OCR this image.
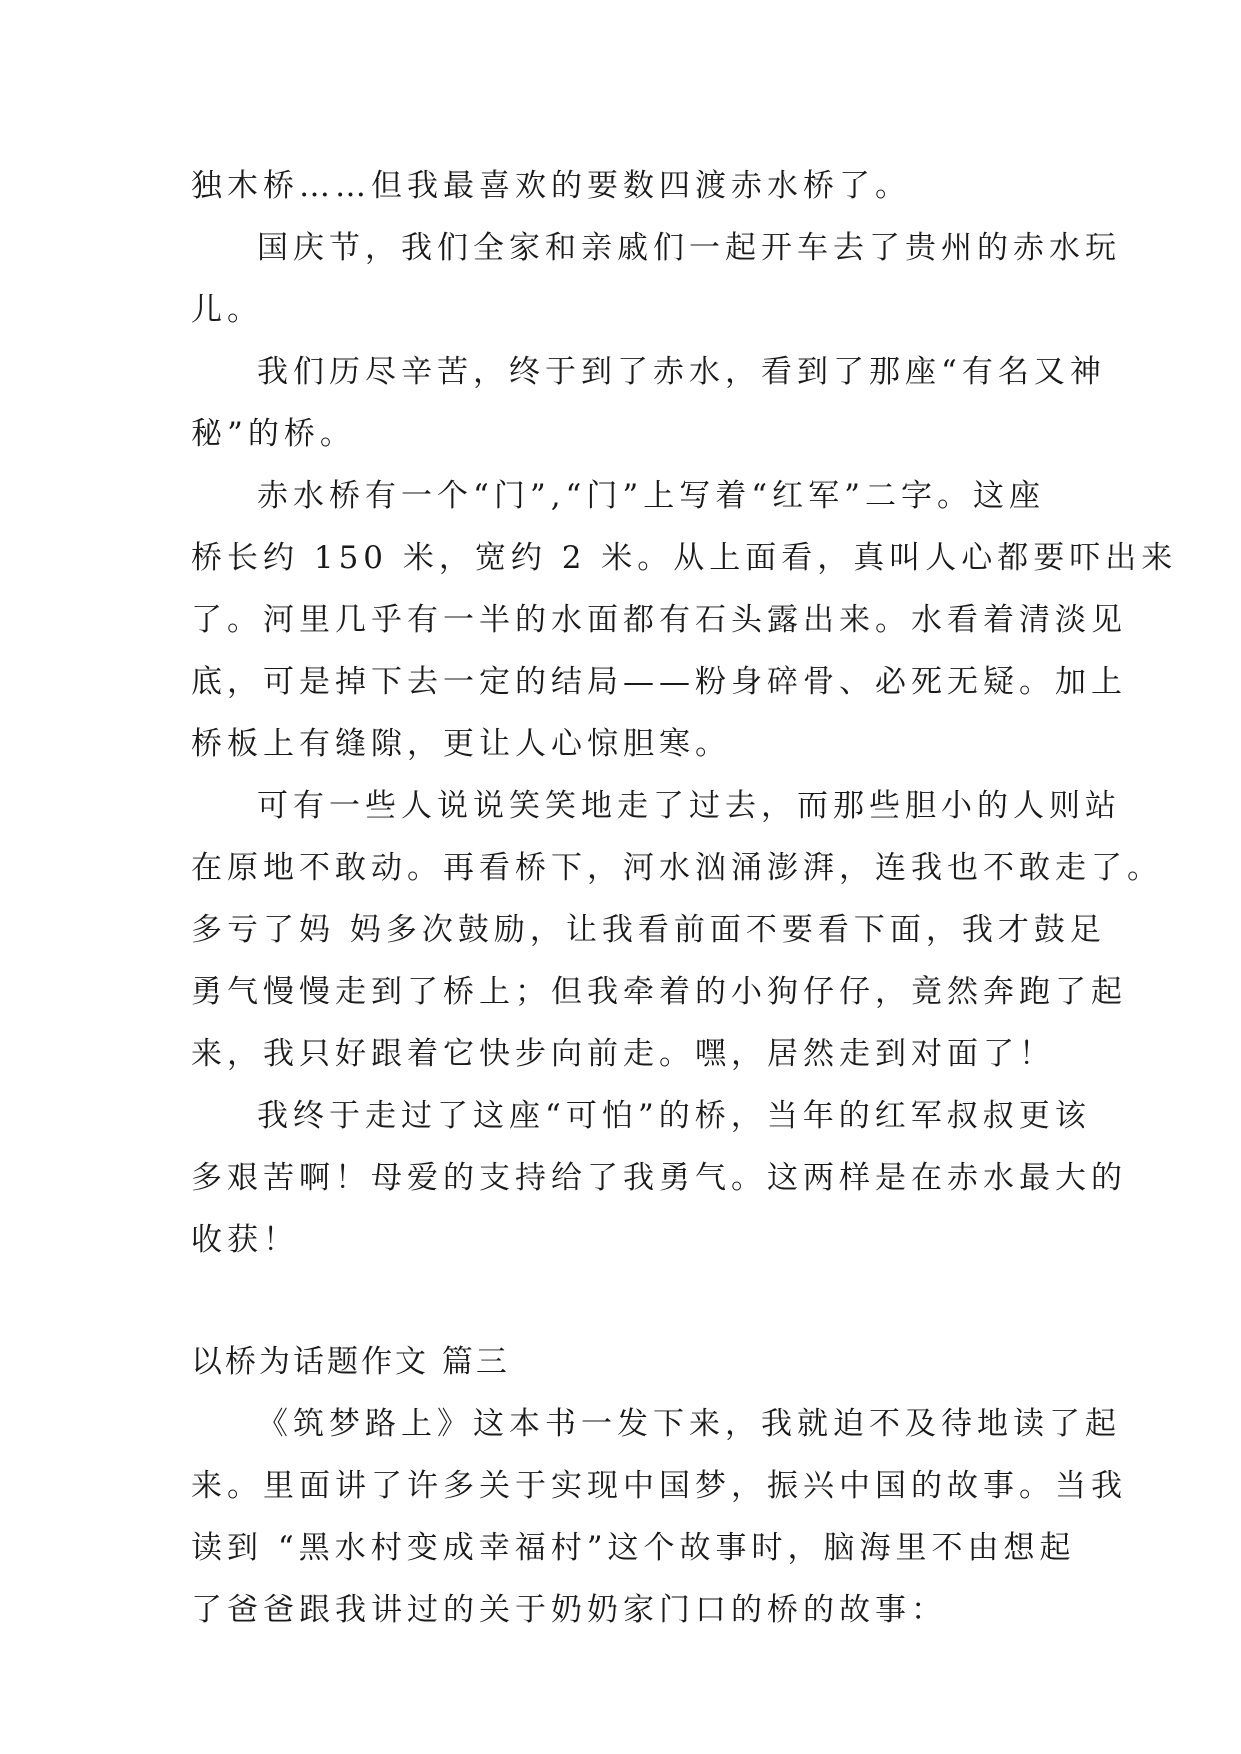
独木桥……但我最喜欢的要数四渡赤水桥了。
国庆节，我们全家和亲戚们一起开车去了贵州的赤水玩
儿。
我们历尽辛苦，终于到了赤水，看到了那座“有名又神
秘”的桥。
赤水桥有一个“门”,“门”上写着“红军”二字。这座
桥长约 150 米，宽约 2 米。从上面看，真叫人心都要吓出来
了。河里几乎有一半的水面都有石头露出来。水看着清淡见
底，可是掉下去一定的结局——粉身碎骨、必死无疑。加上
桥板上有缝隙，更让人心惊胆寒。
可有一些人说说笑笑地走了过去，而那些胆小的人则站
在原地不敢动。再看桥下，河水汹涌澎湃，连我也不敢走了。
多亏了妈 妈多次鼓励，让我看前面不要看下面，我才鼓足
勇气慢慢走到了桥上；但我牵着的小狗仔仔，竟然奔跑了起
来，我只好跟着它快步向前走。嘿，居然走到对面了！
我终于走过了这座“可怕”的桥，当年的红军叔叔更该
多艰苦啊！母爱的支持给了我勇气。这两样是在赤水最大的
收获！
以桥为话题作文 篇三
《筑梦路上》这本书一发下来，我就迫不及待地读了起
来。里面讲了许多关于实现中国梦，振兴中国的故事。当我
读到 “黑水村变成幸福村”这个故事时，脑海里不由想起
了爸爸跟我讲过的关于奶奶家门口的桥的故事：
